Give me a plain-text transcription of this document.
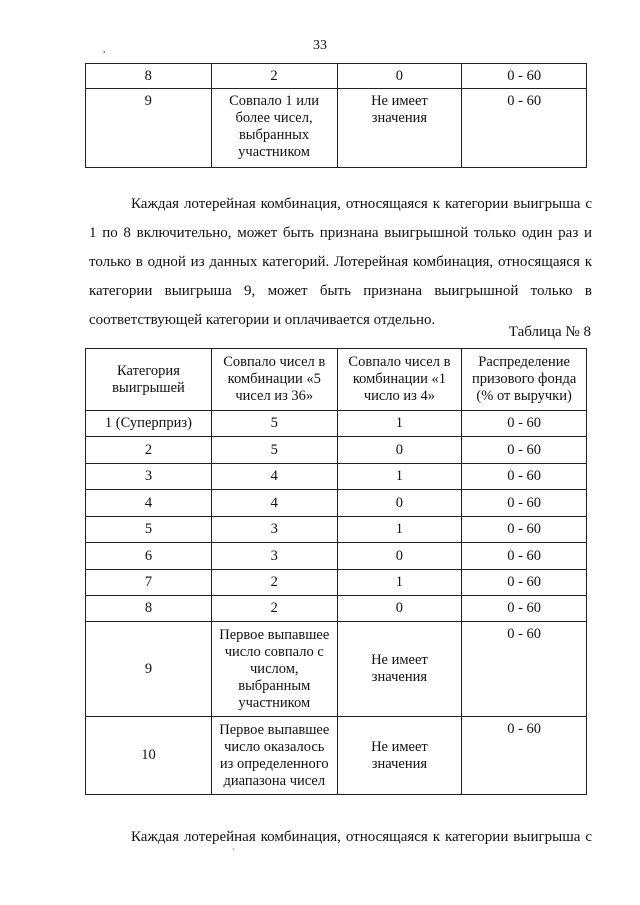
,	33
8	2	0	0 - 60
9	Совпало 1 или более чисел, выбранных участником	Не имеет значения	0 - 60

Каждая лотерейная комбинация, относящаяся к категории выигрыша с 1 по 8 включительно, может быть признана выигрышной только один раз и только в одной из данных категорий. Лотерейная комбинация, относящаяся к категории выигрыша 9, может быть признана выигрышной только в соответствующей категории и оплачивается отдельно.

Таблица № 8
Категория выигрышей	Совпало чисел в комбинации «5 чисел из 36»	Совпало чисел в комбинации «1 число из 4»	Распределение призового фонда (% от выручки)
1 (Суперприз)	5	1	0 - 60
2	5	0	0 - 60
3	4	1	0 - 60
4	4	0	0 - 60
5	3	1	0 - 60
6	3	0	0 - 60
7	2	1	0 - 60
8	2	0	0 - 60
9	Первое выпавшее число совпало с числом, выбранным участником	Не имеет значения	0 - 60
10	Первое выпавшее число оказалось из определенного диапазона чисел	Не имеет значения	0 - 60

Каждая лотерейная комбинация, относящаяся к категории выигрыша с

`
